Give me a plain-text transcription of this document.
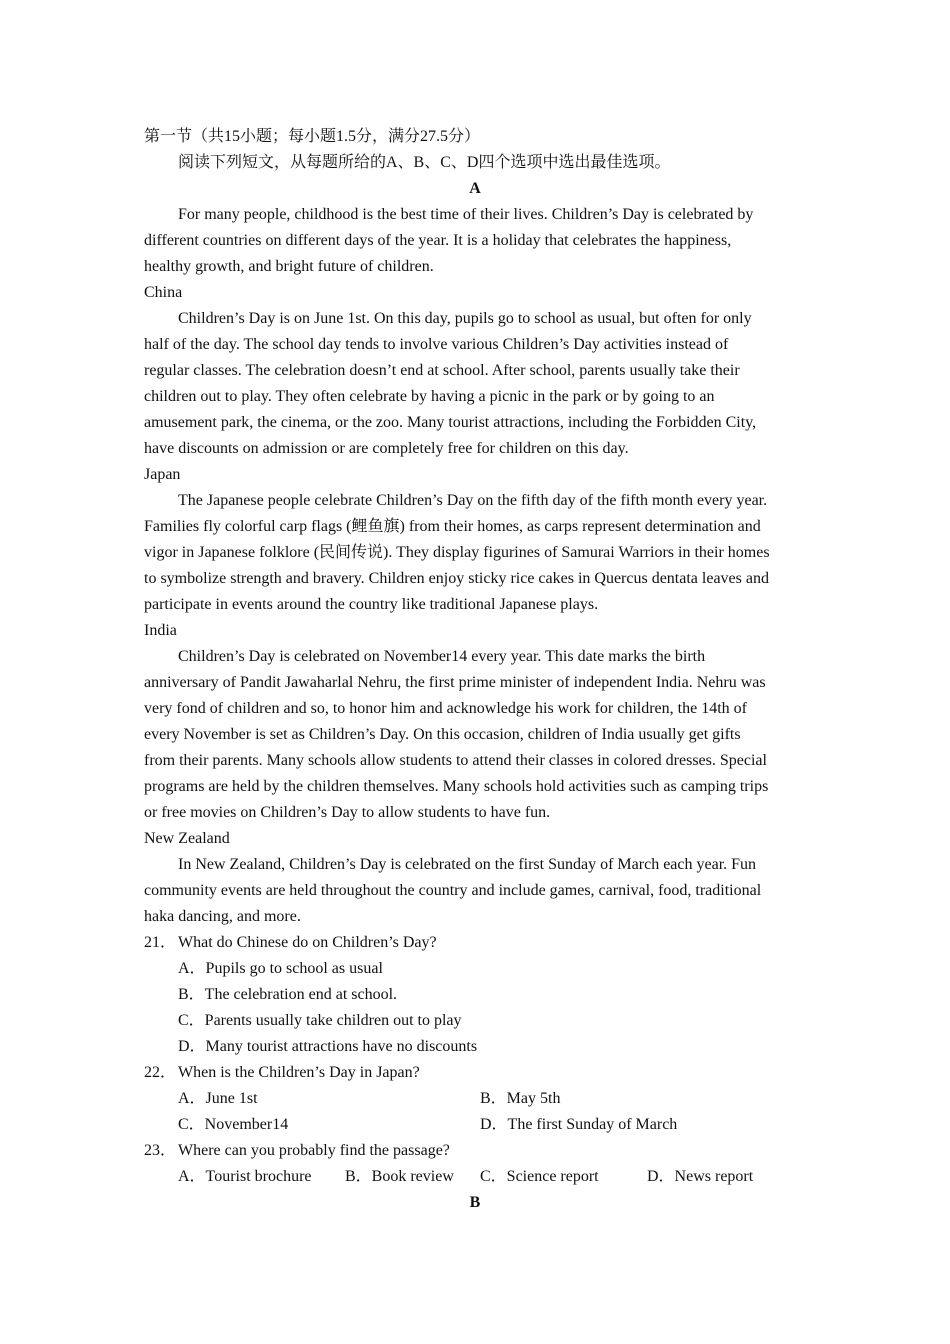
第一节（共15小题；每小题1.5分，满分27.5分）
阅读下列短文，从每题所给的A、B、C、D四个选项中选出最佳选项。
A
For many people, childhood is the best time of their lives. Children’s Day is celebrated by
different countries on different days of the year. It is a holiday that celebrates the happiness,
healthy growth, and bright future of children.
China
Children’s Day is on June 1st. On this day, pupils go to school as usual, but often for only
half of the day. The school day tends to involve various Children’s Day activities instead of
regular classes. The celebration doesn’t end at school. After school, parents usually take their
children out to play. They often celebrate by having a picnic in the park or by going to an
amusement park, the cinema, or the zoo. Many tourist attractions, including the Forbidden City,
have discounts on admission or are completely free for children on this day.
Japan
The Japanese people celebrate Children’s Day on the fifth day of the fifth month every year.
Families fly colorful carp flags (鲤鱼旗) from their homes, as carps represent determination and
vigor in Japanese folklore (民间传说). They display figurines of Samurai Warriors in their homes
to symbolize strength and bravery. Children enjoy sticky rice cakes in Quercus dentata leaves and
participate in events around the country like traditional Japanese plays.
India
Children’s Day is celebrated on November14 every year. This date marks the birth
anniversary of Pandit Jawaharlal Nehru, the first prime minister of independent India. Nehru was
very fond of children and so, to honor him and acknowledge his work for children, the 14th of
every November is set as Children’s Day. On this occasion, children of India usually get gifts
from their parents. Many schools allow students to attend their classes in colored dresses. Special
programs are held by the children themselves. Many schools hold activities such as camping trips
or free movies on Children’s Day to allow students to have fun.
New Zealand
In New Zealand, Children’s Day is celebrated on the first Sunday of March each year. Fun
community events are held throughout the country and include games, carnival, food, traditional
haka dancing, and more.
21． What do Chinese do on Children’s Day?
A．Pupils go to school as usual
B．The celebration end at school.
C．Parents usually take children out to play
D．Many tourist attractions have no discounts
22． When is the Children’s Day in Japan?
A．June 1st	B．May 5th
C．November14	D．The first Sunday of March
23． Where can you probably find the passage?
A．Tourist brochure B．Book review C．Science report	D．News report
B
